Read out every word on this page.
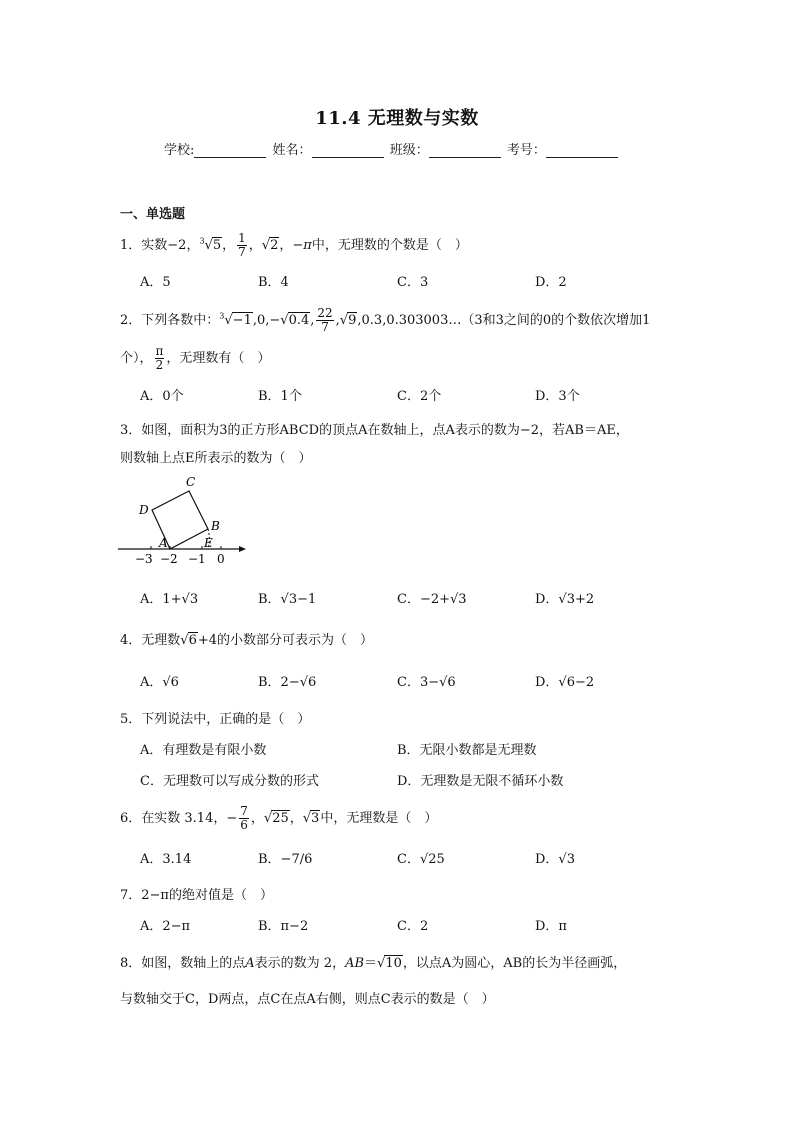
11.4 无理数与实数
学校:	姓名：	班级：	考号：
一、单选题
1．实数−2，$^3$√5， $\frac{1}{7}$ ，√2，−π中，无理数的个数是（　）
A．5	B．4	C．3	D．2
2．下列各数中：$^3$√−1,0,−√0.4, $\frac{22}{7}$ ,√9,0.3,0.303003…（3和3之间的0的个数依次增加1
个）， $\frac{\pi}{2}$ ，无理数有（　）
A．0个	B．1个	C．2个	D．3个
3．如图，面积为3的正方形ABCD的顶点A在数轴上，点A表示的数为−2，若AB＝AE，
则数轴上点E所表示的数为（　）
C
D
B
A	E
−3 −2 −1 0
A．1+√3	B．√3−1	C．−2+√3	D．√3+2
4．无理数√6+4的小数部分可表示为（　）
A．√6	B．2−√6	C．3−√6	D．√6−2
5．下列说法中，正确的是（　）
A．有理数是有限小数	B．无限小数都是无理数
C．无理数可以写成分数的形式	D．无理数是无限不循环小数
6．在实数 3.14，− $\frac{7}{6}$ ，√25，√3中，无理数是（　）
A．3.14	B．−7/6	C．√25	D．√3
7．2−π的绝对值是（　）
A．2−π	B．π−2	C．2	D．π
8．如图，数轴上的点A表示的数为 2，AB＝√10，以点A为圆心，AB的长为半径画弧，
与数轴交于C，D两点，点C在点A右侧，则点C表示的数是（　）
